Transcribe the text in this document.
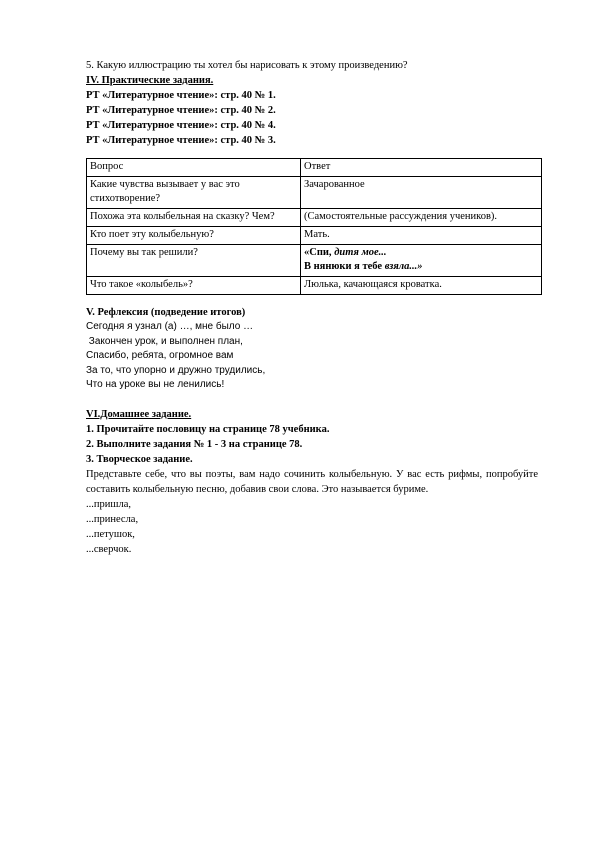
5. Какую иллюстрацию ты хотел бы нарисовать к этому произведению?
IV. Практические задания.
РТ «Литературное чтение»: стр. 40 № 1.
РТ «Литературное чтение»: стр. 40 № 2.
РТ «Литературное чтение»: стр. 40 № 4.
РТ «Литературное чтение»: стр. 40 № 3.
Вопрос	Ответ
Какие чувства вызывает у вас это стихотворение?	Зачарованное
Похожа эта колыбельная на сказку? Чем?	(Самостоятельные рассуждения учеников).
Кто поет эту колыбельную?	Мать.
Почему вы так решили?	«Спи, дитя мое...
В нянюки я тебе взяла...»

Что такое «колыбель»?	Люлька, качающаяся кроватка.
V. Рефлексия (подведение итогов)
Сегодня я узнал (а) …, мне было …
Закончен урок, и выполнен план,
Спасибо, ребята, огромное вам
За то, что упорно и дружно трудились,
Что на уроке вы не ленились!
VI.Домашнее задание.
1. Прочитайте пословицу на странице 78 учебника.
2. Выполните задания № 1 - 3 на странице 78.
3. Творческое задание.
Представьте себе, что вы поэты, вам надо сочинить колыбельную. У вас есть рифмы, попробуйте составить колыбельную песню, добавив свои слова. Это называется буриме.
...пришла,
...принесла,
...петушок,
...сверчок.
